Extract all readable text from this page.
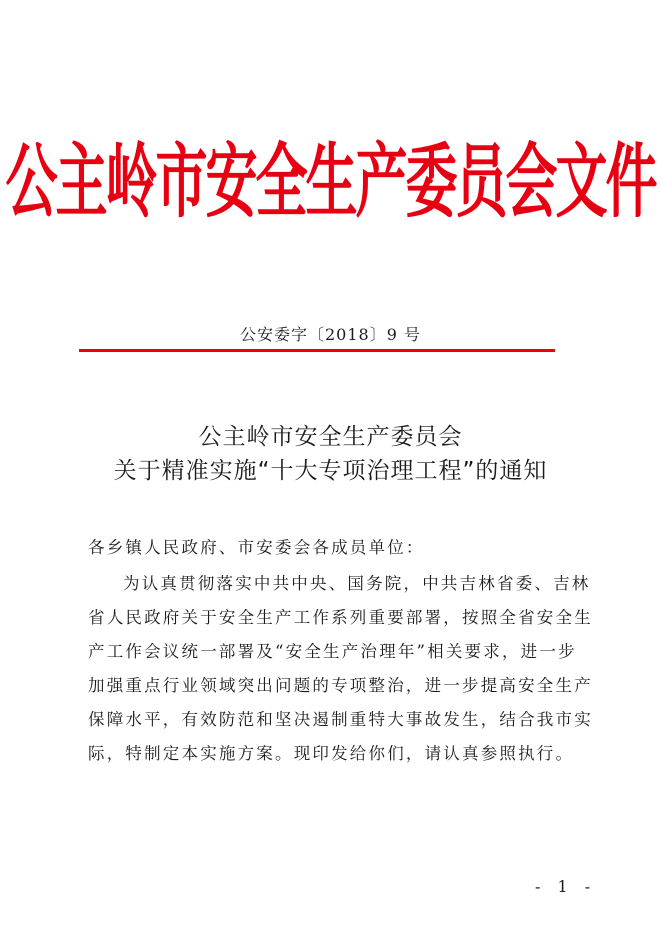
公主岭市安全生产委员会文件
公安委字〔2018〕9 号
公主岭市安全生产委员会
关于精准实施“十大专项治理工程”的通知
各乡镇人民政府、市安委会各成员单位：
为认真贯彻落实中共中央、国务院，中共吉林省委、吉林
省人民政府关于安全生产工作系列重要部署，按照全省安全生
产工作会议统一部署及“安全生产治理年”相关要求，进一步
加强重点行业领域突出问题的专项整治，进一步提高安全生产
保障水平，有效防范和坚决遏制重特大事故发生，结合我市实
际，特制定本实施方案。现印发给你们，请认真参照执行。
- 1 -
